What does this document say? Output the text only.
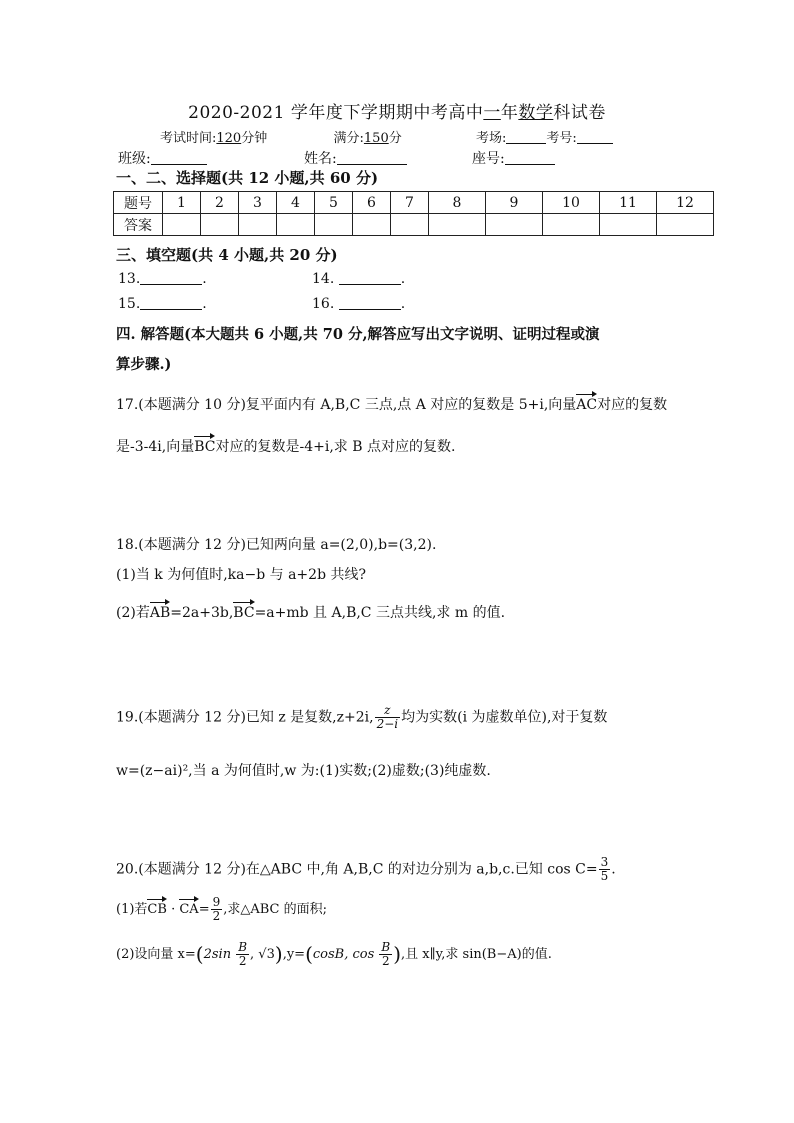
2020-2021 学年度下学期期中考高中一年数学科试卷
考试时间:120分钟	满分:150分	考场:	考号:
班级:	姓名:	座号:
一、二、选择题(共 12 小题,共 60 分)
题号	1	2	3	4	5	6	7	8	9	10	11	12
答案												
三、填空题(共 4 小题,共 20 分)
13.	.	14.	.
15.	.	16.	.
四. 解答题(本大题共 6 小题,共 70 分,解答应写出文字说明、证明过程或演
算步骤.)
17.(本题满分 10 分)复平面内有 A,B,C 三点,点 A 对应的复数是 5+i,向量AC对应的复数
是-3-4i,向量BC对应的复数是-4+i,求 B 点对应的复数.
18.(本题满分 12 分)已知两向量 a=(2,0),b=(3,2).
(1)当 k 为何值时,ka−b 与 a+2b 共线?
(2)若AB=2a+3b,BC=a+mb 且 A,B,C 三点共线,求 m 的值.
19.(本题满分 12 分)已知 z 是复数,z+2i, $\frac{z}{2-i}$ 均为实数(i 为虚数单位),对于复数
w=(z−ai)²,当 a 为何值时,w 为:(1)实数;(2)虚数;(3)纯虚数.
20.(本题满分 12 分)在△ABC 中,角 A,B,C 的对边分别为 a,b,c.已知 $\cos C= \frac{3}{5}$ .
(1)若CB · $CA= \frac{9}{2}$ ,求△ABC 的面积;
(2)设向量 $x=(2\sin \frac{B}{2}$ , √3),y=(cosB, $\cos \frac{B}{2}$ ),且 x∥y,求 sin(B−A)的值.
